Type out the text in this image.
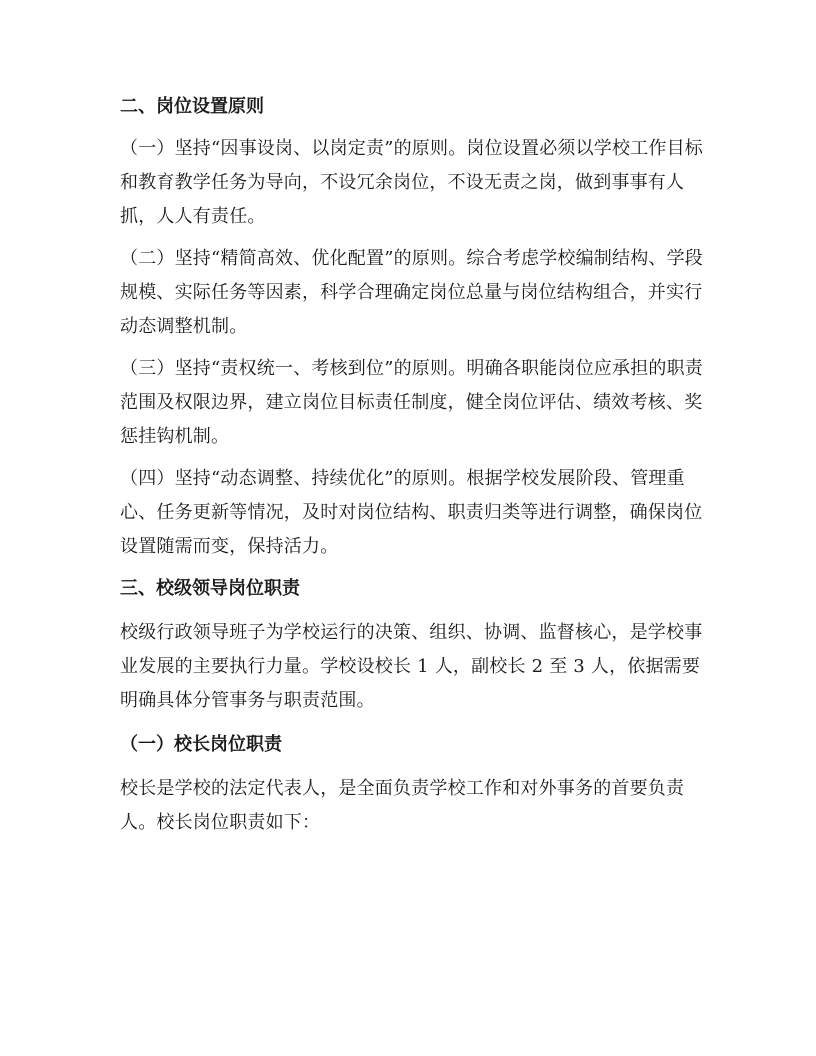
二、岗位设置原则

（一）坚持“因事设岗、以岗定责”的原则。岗位设置必须以学校工作目标和教育教学任务为导向，不设冗余岗位，不设无责之岗，做到事事有人抓，人人有责任。

（二）坚持“精简高效、优化配置”的原则。综合考虑学校编制结构、学段规模、实际任务等因素，科学合理确定岗位总量与岗位结构组合，并实行动态调整机制。

（三）坚持“责权统一、考核到位”的原则。明确各职能岗位应承担的职责范围及权限边界，建立岗位目标责任制度，健全岗位评估、绩效考核、奖惩挂钩机制。

（四）坚持“动态调整、持续优化”的原则。根据学校发展阶段、管理重心、任务更新等情况，及时对岗位结构、职责归类等进行调整，确保岗位设置随需而变，保持活力。

三、校级领导岗位职责

校级行政领导班子为学校运行的决策、组织、协调、监督核心，是学校事业发展的主要执行力量。学校设校长 1 人，副校长 2 至 3 人，依据需要明确具体分管事务与职责范围。

（一）校长岗位职责

校长是学校的法定代表人，是全面负责学校工作和对外事务的首要负责人。校长岗位职责如下：
